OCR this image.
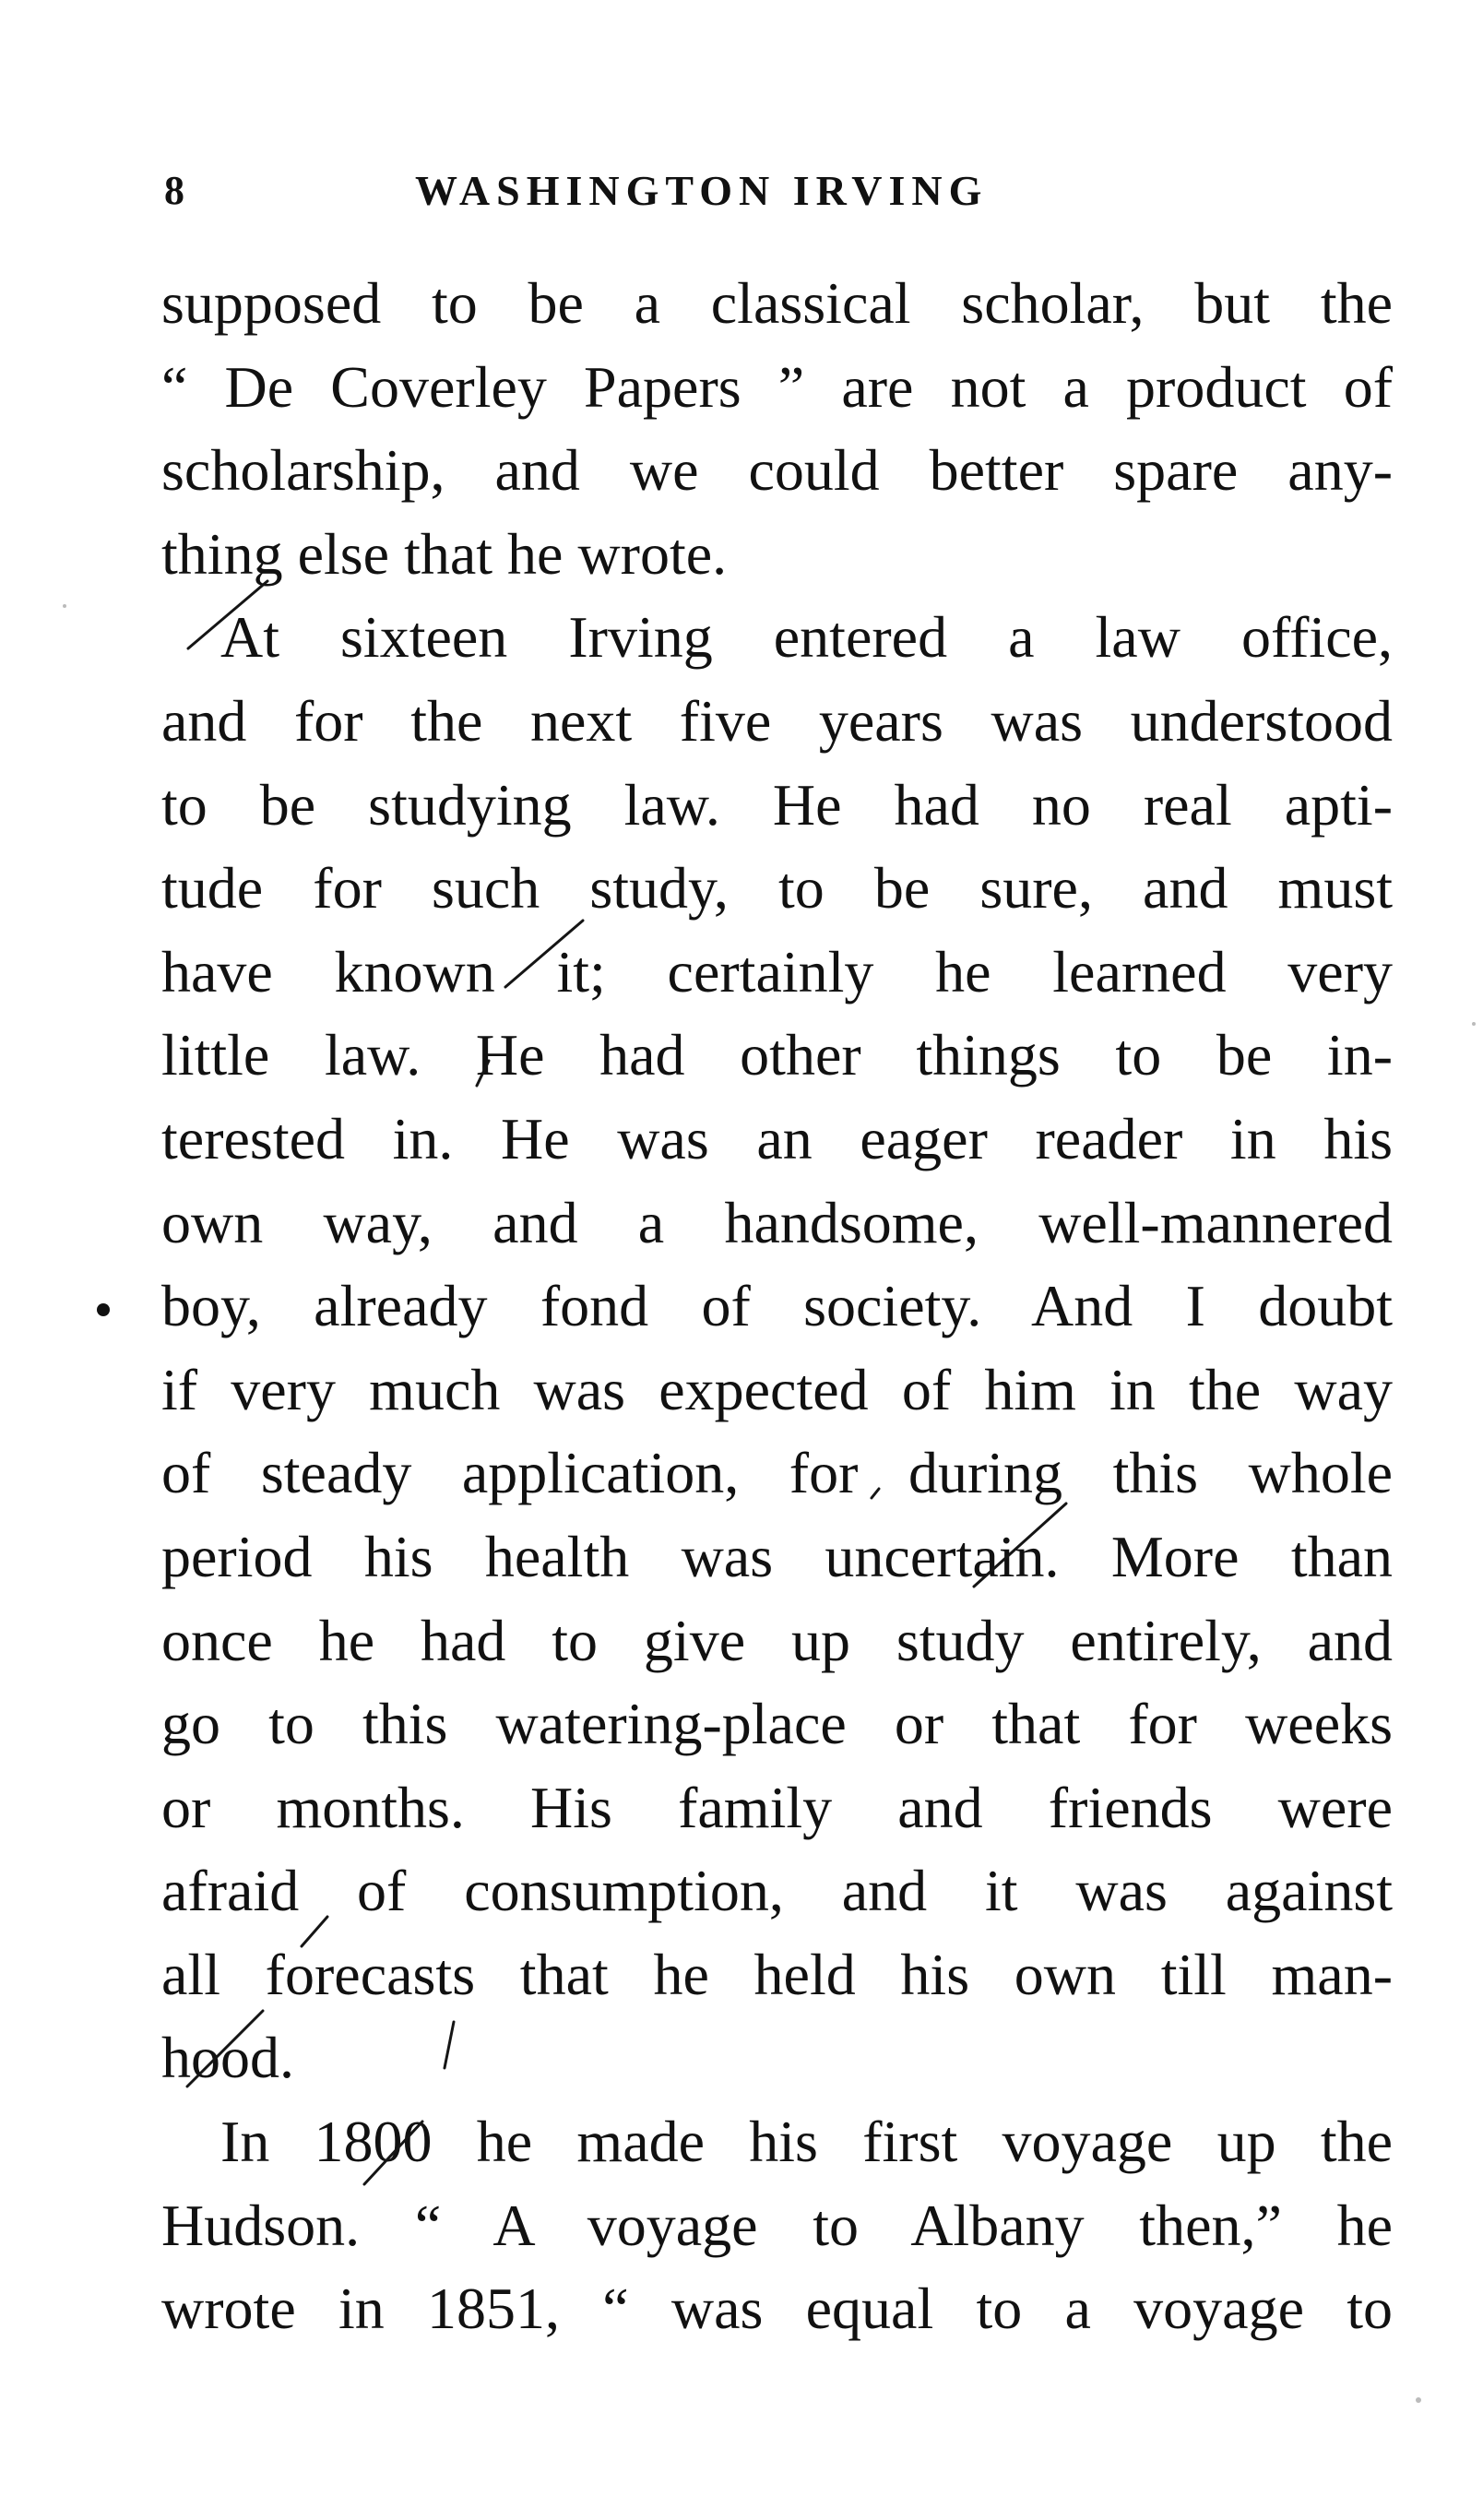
8	WASHINGTON IRVING
supposed to be a classical scholar, but the
“ De Coverley Papers ” are not a product of
scholarship, and we could better spare any-
thing else that he wrote.
At sixteen Irving entered a law office,
and for the next five years was understood
to be studying law. He had no real apti-
tude for such study, to be sure, and must
have known it; certainly he learned very
little law. He had other things to be in-
terested in. He was an eager reader in his
own way, and a handsome, well-mannered
boy, already fond of society. And I doubt
if very much was expected of him in the way
of steady application, for during this whole
period his health was uncertain. More than
once he had to give up study entirely, and
go to this watering-place or that for weeks
or months. His family and friends were
afraid of consumption, and it was against
all forecasts that he held his own till man-
hood.
In 1800 he made his first voyage up the
Hudson. “ A voyage to Albany then,” he
wrote in 1851, “ was equal to a voyage to
